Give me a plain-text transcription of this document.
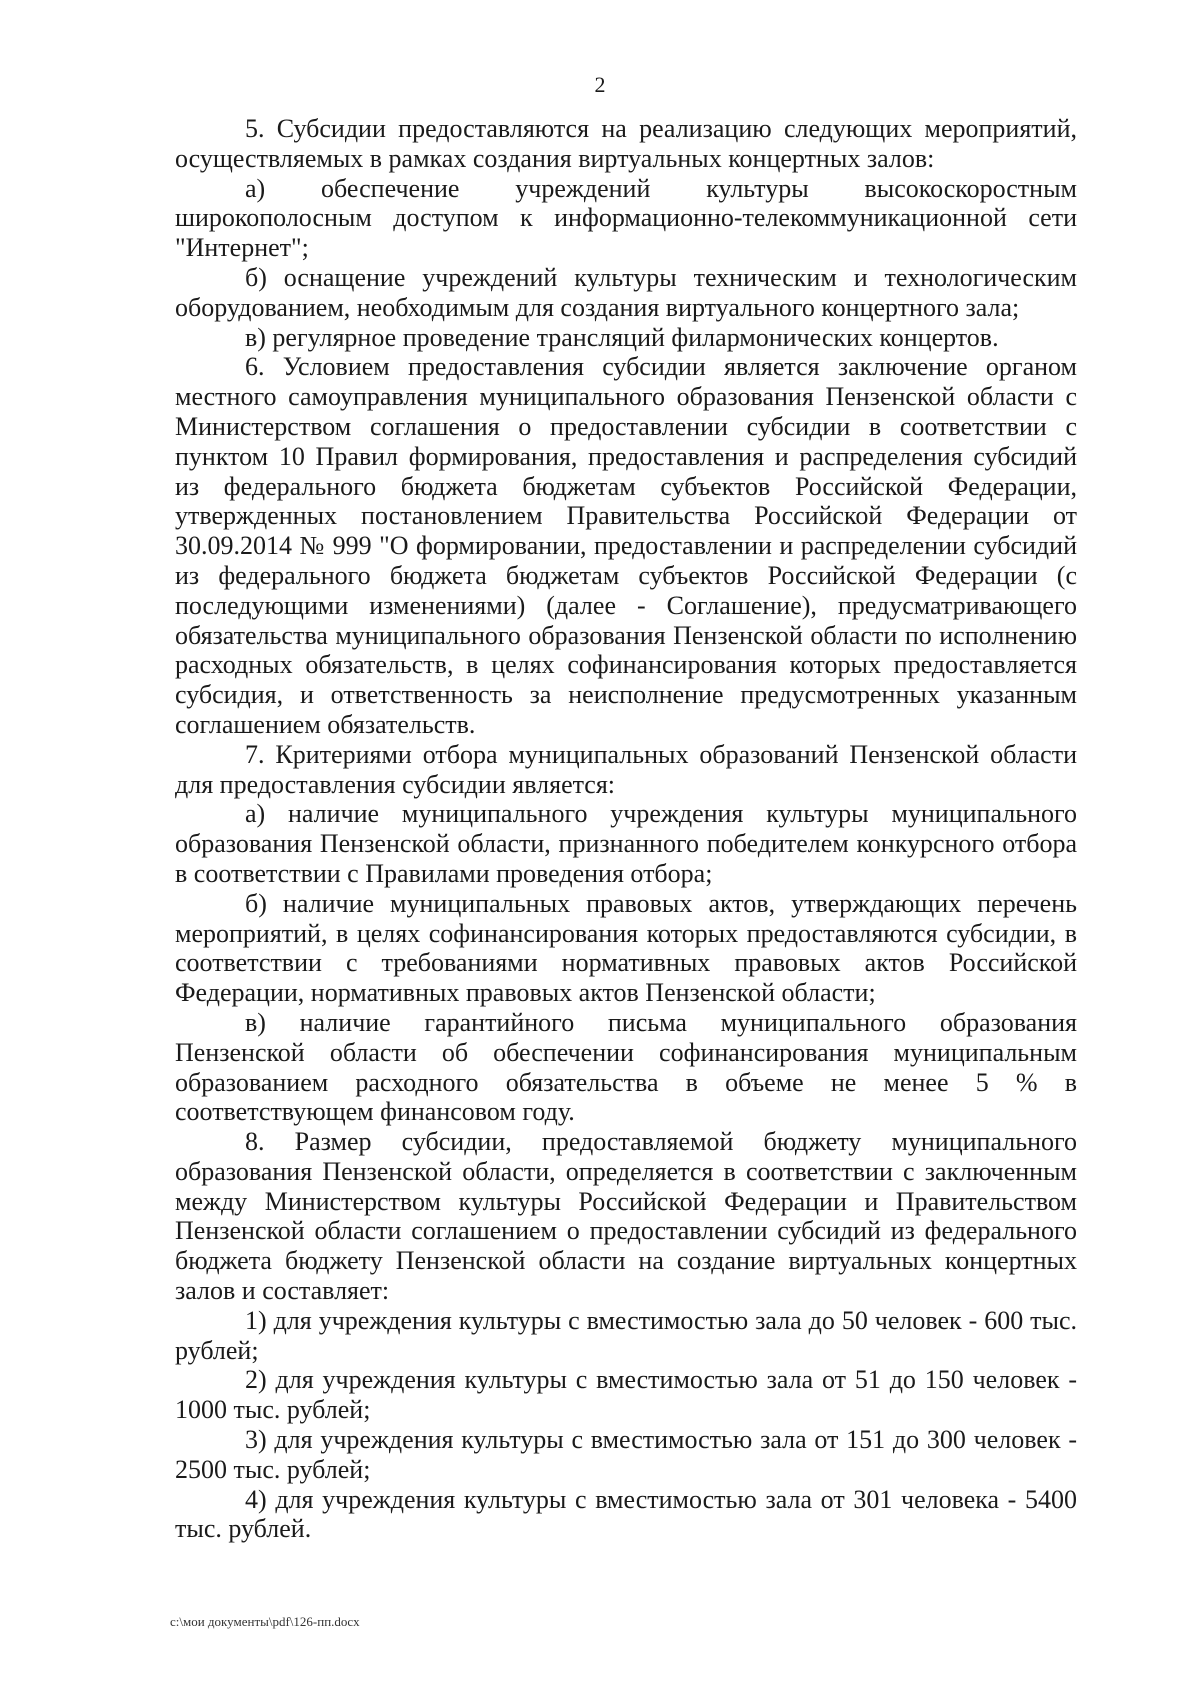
2

5. Субсидии предоставляются на реализацию следующих мероприятий, осуществляемых в рамках создания виртуальных концертных залов:

а) обеспечение учреждений культуры высокоскоростным широкополосным доступом к информационно-телекоммуникационной сети "Интернет";

б) оснащение учреждений культуры техническим и технологическим оборудованием, необходимым для создания виртуального концертного зала;

в) регулярное проведение трансляций филармонических концертов.

6. Условием предоставления субсидии является заключение органом местного самоуправления муниципального образования Пензенской области с Министерством соглашения о предоставлении субсидии в соответствии с пунктом 10 Правил формирования, предоставления и распределения субсидий из федерального бюджета бюджетам субъектов Российской Федерации, утвержденных постановлением Правительства Российской Федерации от 30.09.2014 № 999 "О формировании, предоставлении и распределении субсидий из федерального бюджета бюджетам субъектов Российской Федерации (с последующими изменениями) (далее - Соглашение), предусматривающего обязательства муниципального образования Пензенской области по исполнению расходных обязательств, в целях софинансирования которых предоставляется субсидия, и ответственность за неисполнение предусмотренных указанным соглашением обязательств.

7. Критериями отбора муниципальных образований Пензенской области для предоставления субсидии является:

а) наличие муниципального учреждения культуры муниципального образования Пензенской области, признанного победителем конкурсного отбора в соответствии с Правилами проведения отбора;

б) наличие муниципальных правовых актов, утверждающих перечень мероприятий, в целях софинансирования которых предоставляются субсидии, в соответствии с требованиями нормативных правовых актов Российской Федерации, нормативных правовых актов Пензенской области;

в) наличие гарантийного письма муниципального образования Пензенской области об обеспечении софинансирования муниципальным образованием расходного обязательства в объеме не менее 5 % в соответствующем финансовом году.

8. Размер субсидии, предоставляемой бюджету муниципального образования Пензенской области, определяется в соответствии с заключенным между Министерством культуры Российской Федерации и Правительством Пензенской области соглашением о предоставлении субсидий из федерального бюджета бюджету Пензенской области на создание виртуальных концертных залов и составляет:

1) для учреждения культуры с вместимостью зала до 50 человек - 600 тыс. рублей;

2) для учреждения культуры с вместимостью зала от 51 до 150 человек - 1000 тыс. рублей;

3) для учреждения культуры с вместимостью зала от 151 до 300 человек - 2500 тыс. рублей;

4) для учреждения культуры с вместимостью зала от 301 человека - 5400 тыс. рублей.

c:\мои документы\pdf\126-пп.docx
